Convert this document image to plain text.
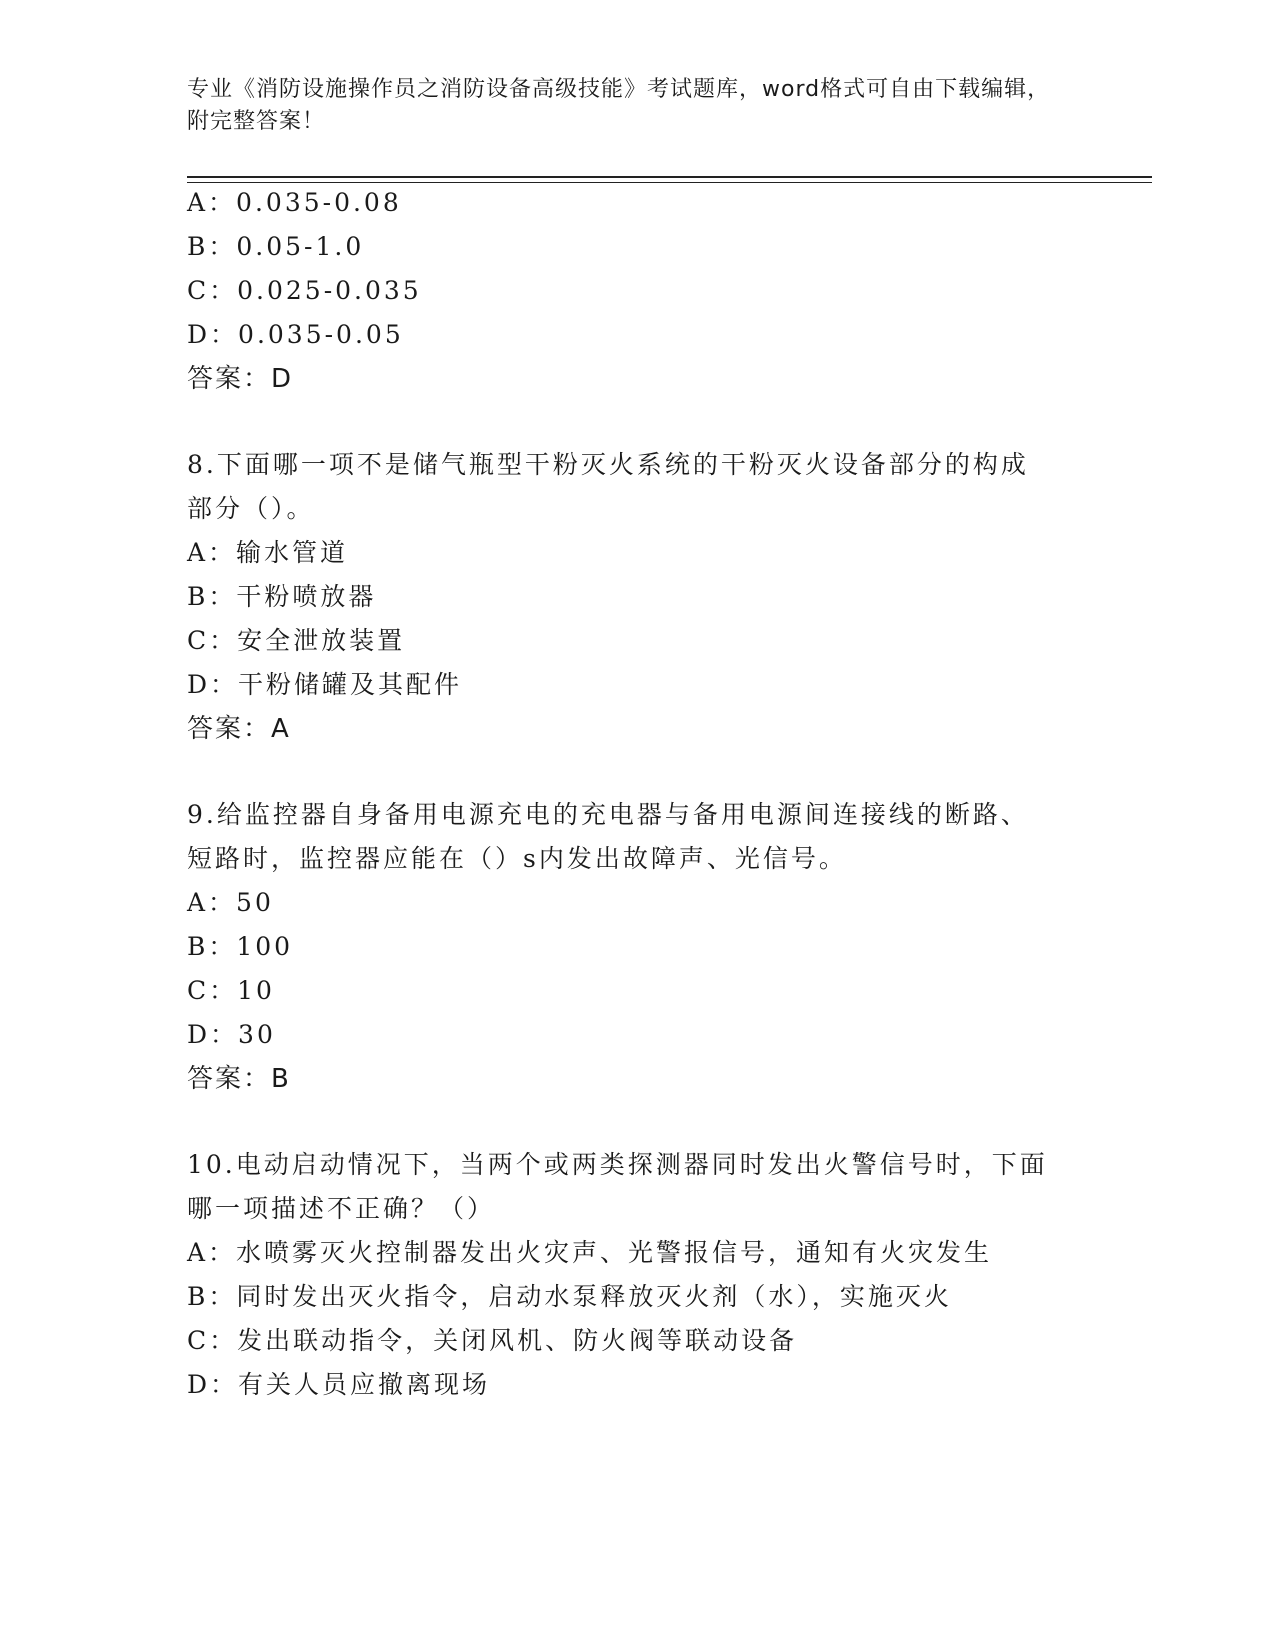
专业《消防设施操作员之消防设备高级技能》考试题库，word格式可自由下载编辑，附完整答案！
A：0.035-0.08
B：0.05-1.0
C：0.025-0.035
D：0.035-0.05
答案：D
8.下面哪一项不是储气瓶型干粉灭火系统的干粉灭火设备部分的构成
部分（）。
A：输水管道
B：干粉喷放器
C：安全泄放装置
D：干粉储罐及其配件
答案：A
9.给监控器自身备用电源充电的充电器与备用电源间连接线的断路、
短路时，监控器应能在（）s内发出故障声、光信号。
A：50
B：100
C：10
D：30
答案：B
10.电动启动情况下，当两个或两类探测器同时发出火警信号时，下面
哪一项描述不正确？（）
A：水喷雾灭火控制器发出火灾声、光警报信号，通知有火灾发生
B：同时发出灭火指令，启动水泵释放灭火剂（水），实施灭火
C：发出联动指令，关闭风机、防火阀等联动设备
D：有关人员应撤离现场
